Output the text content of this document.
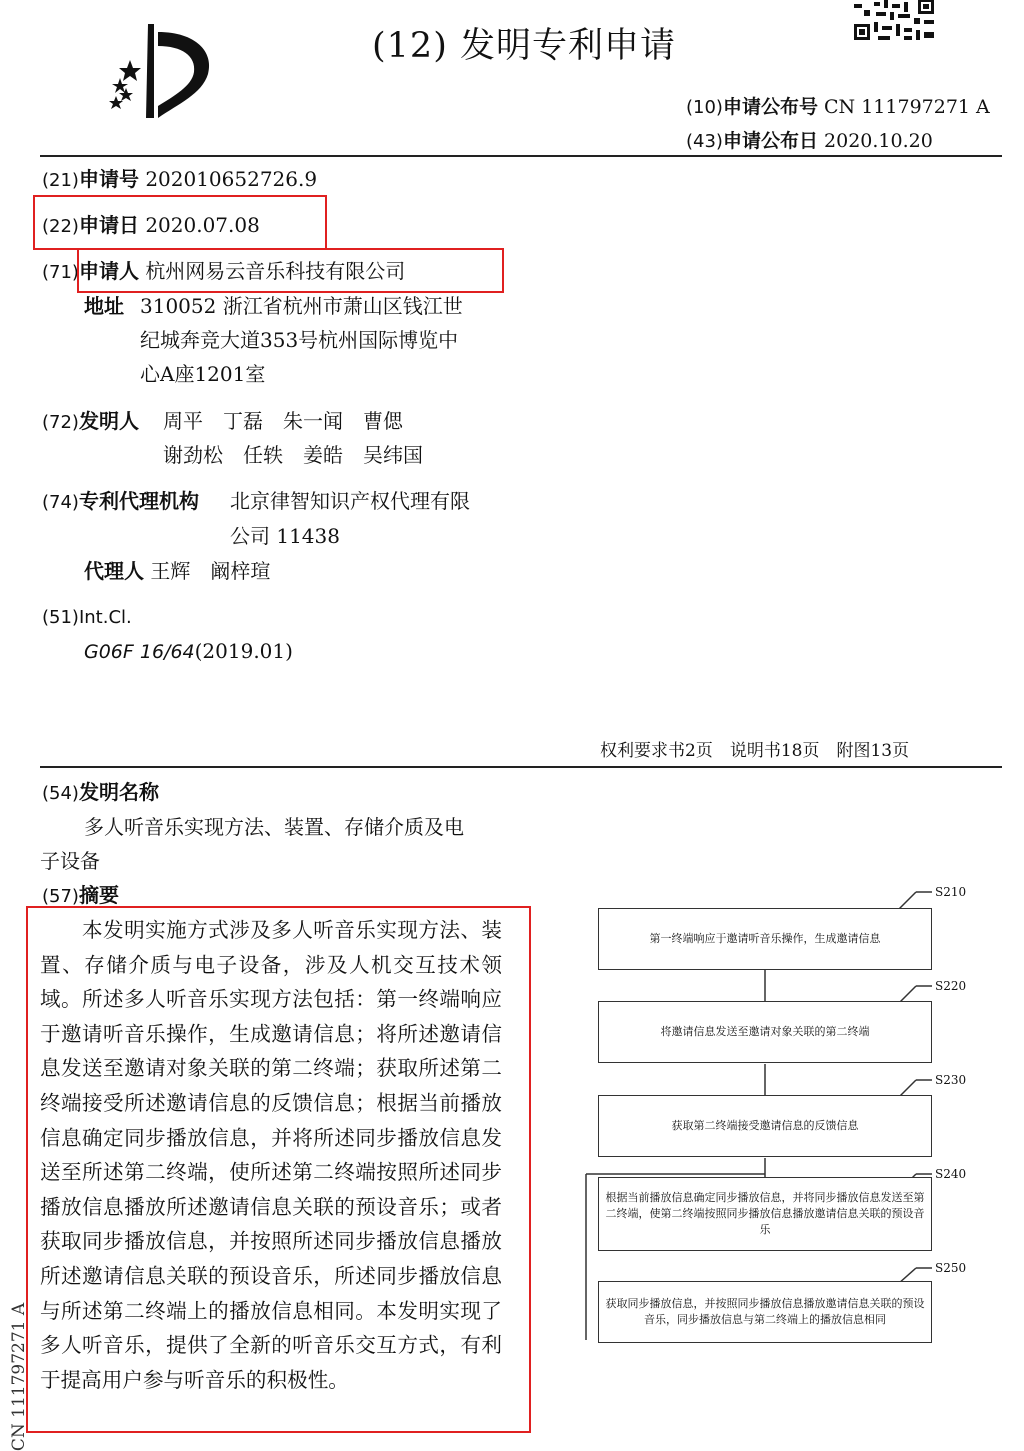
(12) 发明专利申请
(10)申请公布号 CN 111797271 A
(43)申请公布日 2020.10.20
(21)申请号 202010652726.9
(22)申请日 2020.07.08
(71)申请人 杭州网易云音乐科技有限公司
地址 310052 浙江省杭州市萧山区钱江世
纪城奔竞大道353号杭州国际博览中
心A座1201室
(72)发明人 周平　丁磊　朱一闻　曹偲
谢劲松　任轶　姜皓　吴纬国
(74)专利代理机构 北京律智知识产权代理有限
公司 11438
代理人 王辉　阚梓瑄
(51)Int.Cl.
G06F 16/64(2019.01)
权利要求书2页　说明书18页　附图13页
(54)发明名称
多人听音乐实现方法、装置、存储介质及电
子设备
(57)摘要
　　本发明实施方式涉及多人听音乐实现方法、装置、存储介质与电子设备，涉及人机交互技术领域。所述多人听音乐实现方法包括：第一终端响应于邀请听音乐操作，生成邀请信息；将所述邀请信息发送至邀请对象关联的第二终端；获取所述第二终端接受所述邀请信息的反馈信息；根据当前播放信息确定同步播放信息，并将所述同步播放信息发送至所述第二终端，使所述第二终端按照所述同步播放信息播放所述邀请信息关联的预设音乐；或者获取同步播放信息，并按照所述同步播放信息播放所述邀请信息关联的预设音乐，所述同步播放信息与所述第二终端上的播放信息相同。本发明实现了多人听音乐，提供了全新的听音乐交互方式，有利于提高用户参与听音乐的积极性。
CN 111797271 A
S210
S220
S230
S240
S250
第一终端响应于邀请听音乐操作，生成邀请信息
将邀请信息发送至邀请对象关联的第二终端
获取第二终端接受邀请信息的反馈信息
根据当前播放信息确定同步播放信息，并将同步播放信息发送至第二终端，使第二终端按照同步播放信息播放邀请信息关联的预设音乐
获取同步播放信息，并按照同步播放信息播放邀请信息关联的预设音乐，同步播放信息与第二终端上的播放信息相同
